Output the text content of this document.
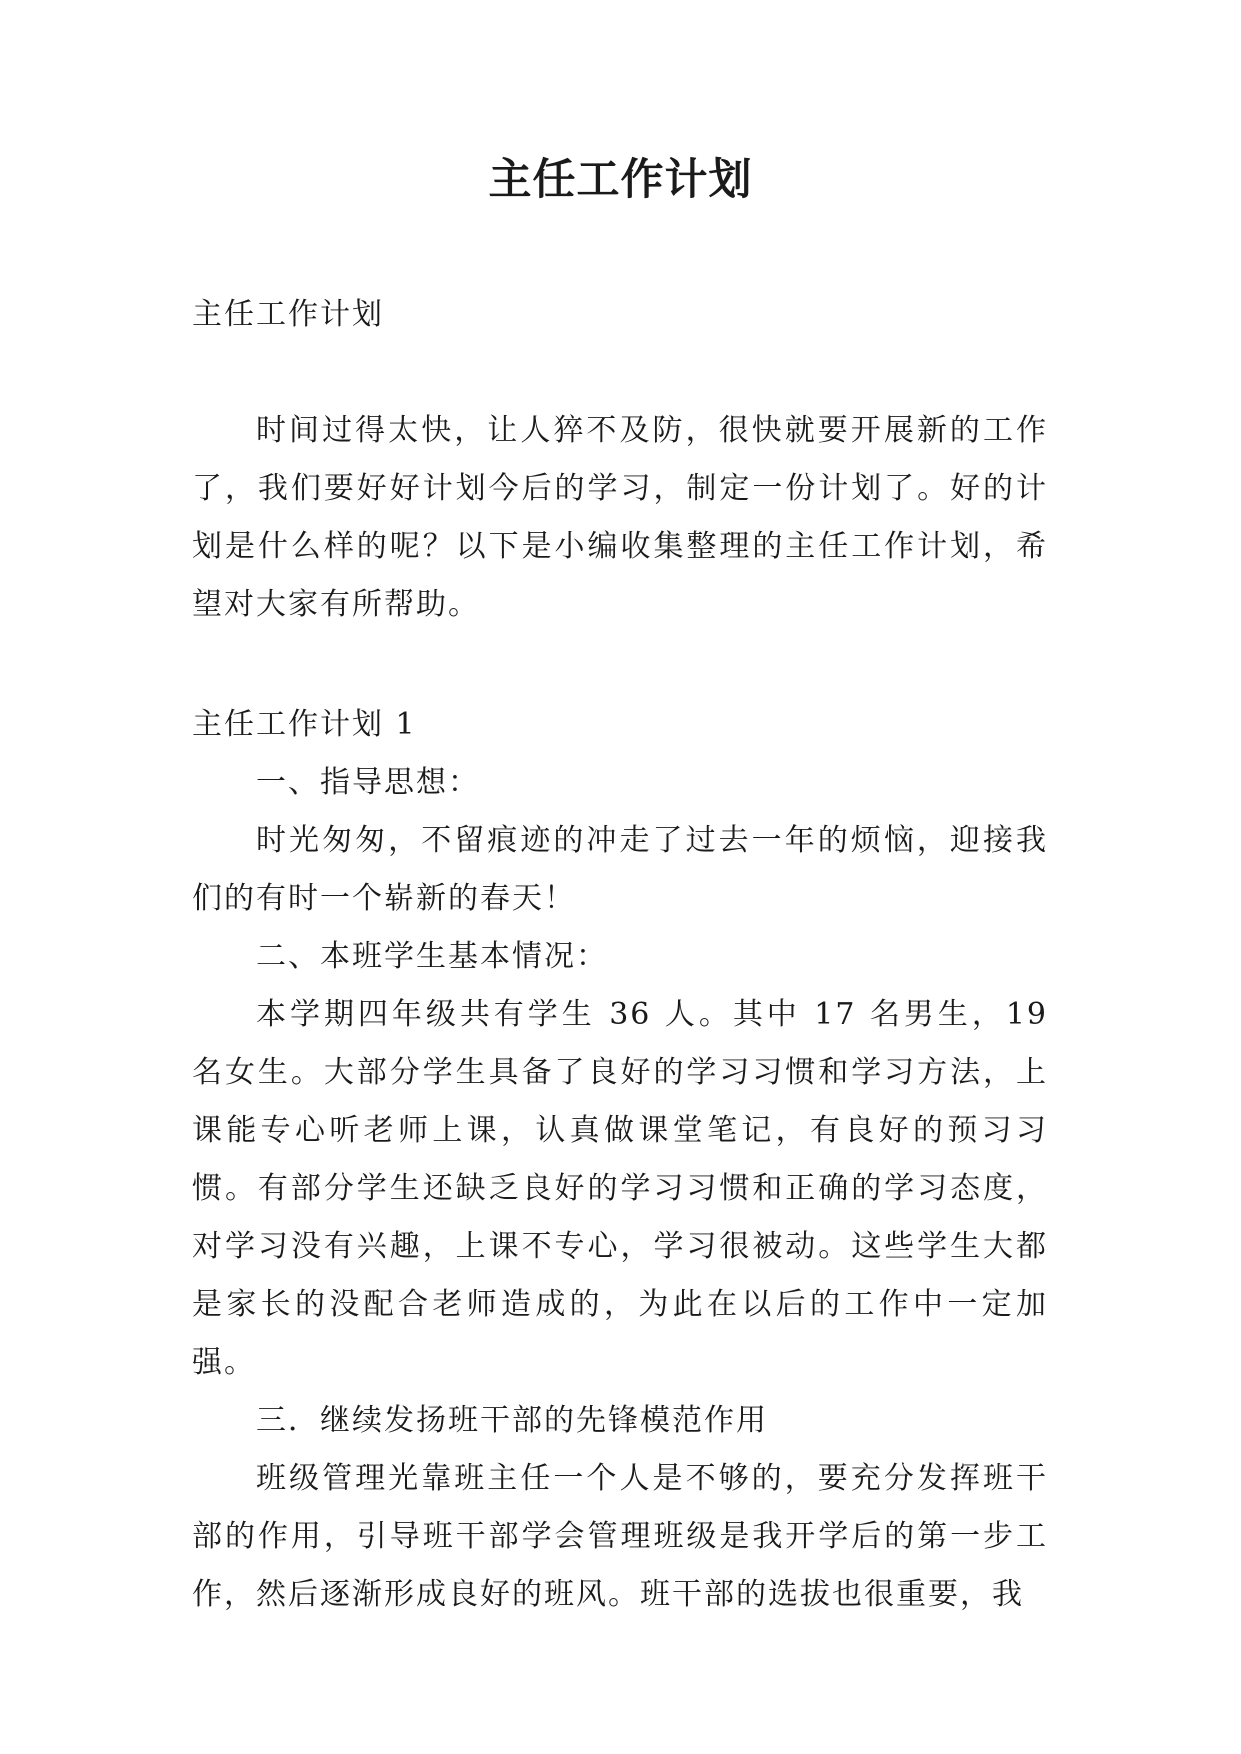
主任工作计划

主任工作计划

时间过得太快，让人猝不及防，很快就要开展新的工作了，我们要好好计划今后的学习，制定一份计划了。好的计划是什么样的呢？以下是小编收集整理的主任工作计划，希望对大家有所帮助。

主任工作计划 1

一、指导思想：

时光匆匆，不留痕迹的冲走了过去一年的烦恼，迎接我们的有时一个崭新的春天！

二、本班学生基本情况：

本学期四年级共有学生 36 人。其中 17 名男生，19 名女生。大部分学生具备了良好的学习习惯和学习方法，上课能专心听老师上课，认真做课堂笔记，有良好的预习习惯。有部分学生还缺乏良好的学习习惯和正确的学习态度，对学习没有兴趣，上课不专心，学习很被动。这些学生大都是家长的没配合老师造成的，为此在以后的工作中一定加强。

三．继续发扬班干部的先锋模范作用

班级管理光靠班主任一个人是不够的，要充分发挥班干部的作用，引导班干部学会管理班级是我开学后的第一步工作，然后逐渐形成良好的班风。班干部的选拔也很重要，我
